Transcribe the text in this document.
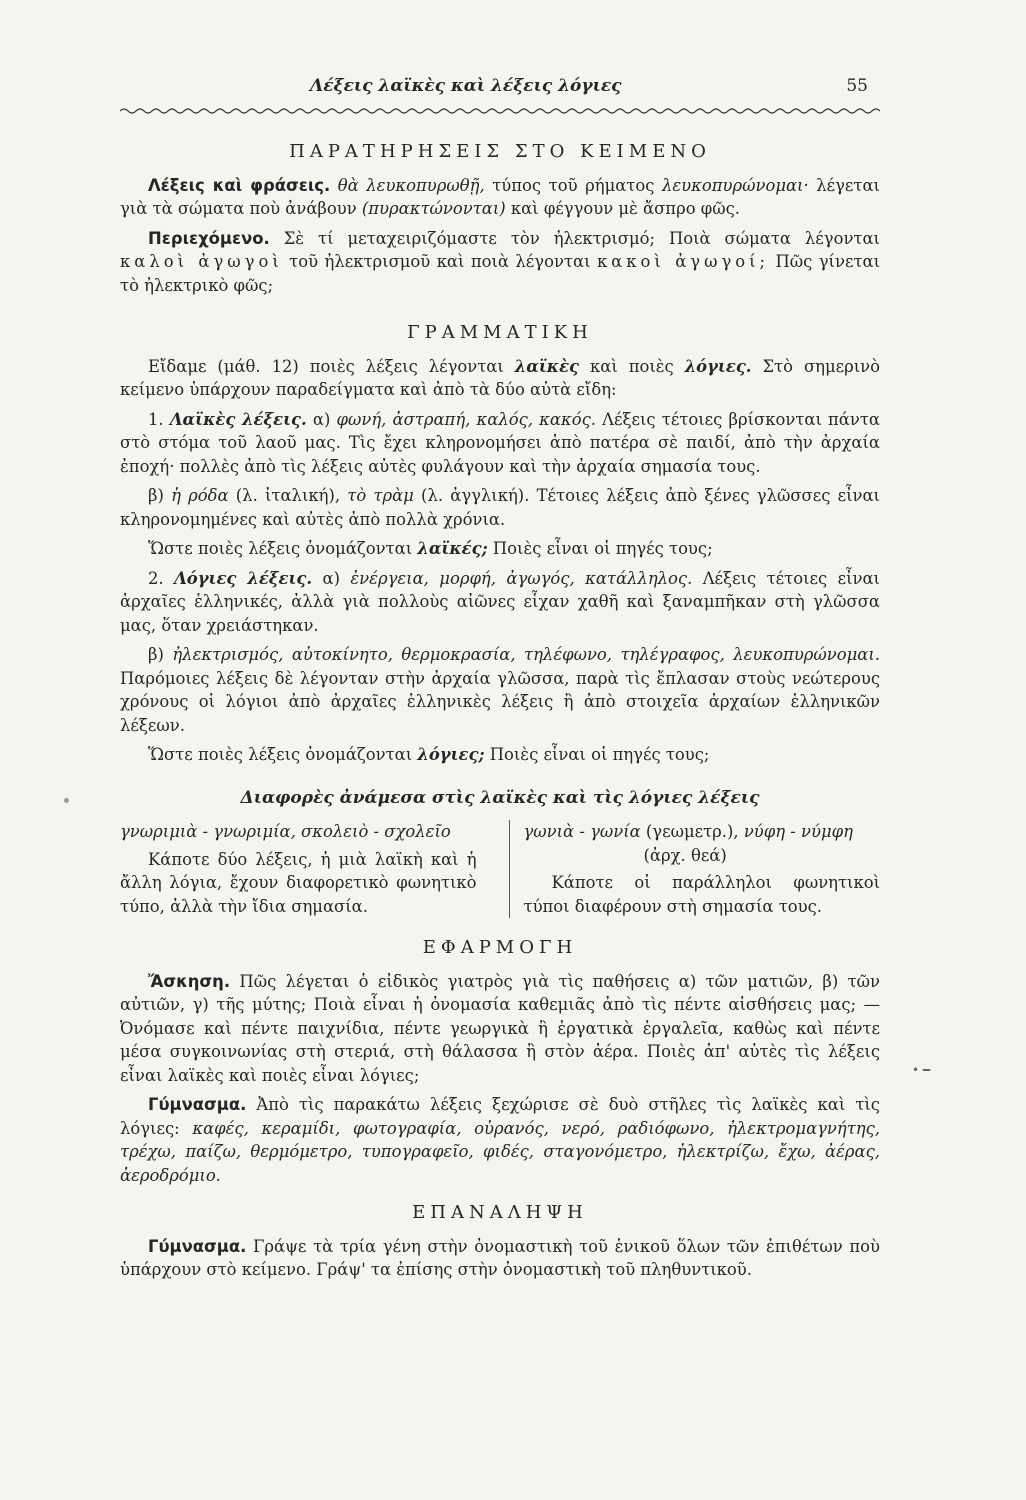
Λέξεις λαϊκὲς καὶ λέξεις λόγιες	55
ΠΑΡΑΤΗΡΗΣΕΙΣ ΣΤΟ ΚΕΙΜΕΝΟ

Λέξεις καὶ φράσεις. θὰ λευκοπυρωθῇ, τύπος τοῦ ρήματος λευκοπυρώνομαι· λέγεται γιὰ τὰ σώματα ποὺ ἀνάβουν (πυρακτώνονται) καὶ φέγγουν μὲ ἄσπρο φῶς.

Περιεχόμενο. Σὲ τί μεταχειριζόμαστε τὸν ἠλεκτρισμό; Ποιὰ σώματα λέγονται καλοὶ ἀγωγοὶ τοῦ ἠλεκτρισμοῦ καὶ ποιὰ λέγονται κακοὶ ἀγωγοί; Πῶς γίνεται τὸ ἠλεκτρικὸ φῶς;

ΓΡΑΜΜΑΤΙΚΗ

Εἴδαμε (μάθ. 12) ποιὲς λέξεις λέγονται λαϊκὲς καὶ ποιὲς λόγιες. Στὸ σημερινὸ κείμενο ὑπάρχουν παραδείγματα καὶ ἀπὸ τὰ δύο αὐτὰ εἴδη:

1. Λαϊκὲς λέξεις. α) φωνή, ἀστραπή, καλός, κακός. Λέξεις τέτοιες βρίσκονται πάντα στὸ στόμα τοῦ λαοῦ μας. Τὶς ἔχει κληρονομήσει ἀπὸ πατέρα σὲ παιδί, ἀπὸ τὴν ἀρχαία ἐποχή· πολλὲς ἀπὸ τὶς λέξεις αὐτὲς φυλάγουν καὶ τὴν ἀρχαία σημασία τους.

β) ἡ ρόδα (λ. ἰταλική), τὸ τρὰμ (λ. ἀγγλική). Τέτοιες λέξεις ἀπὸ ξένες γλῶσσες εἶναι κληρονομημένες καὶ αὐτὲς ἀπὸ πολλὰ χρόνια.

Ὥστε ποιὲς λέξεις ὀνομάζονται λαϊκές; Ποιὲς εἶναι οἱ πηγές τους;

2. Λόγιες λέξεις. α) ἐνέργεια, μορφή, ἀγωγός, κατάλληλος. Λέξεις τέτοιες εἶναι ἀρχαῖες ἑλληνικές, ἀλλὰ γιὰ πολλοὺς αἰῶνες εἶχαν χαθῆ καὶ ξαναμπῆκαν στὴ γλῶσσα μας, ὅταν χρειάστηκαν.

β) ἠλεκτρισμός, αὐτοκίνητο, θερμοκρασία, τηλέφωνο, τηλέγραφος, λευκοπυρώνομαι. Παρόμοιες λέξεις δὲ λέγονταν στὴν ἀρχαία γλῶσσα, παρὰ τὶς ἔπλασαν στοὺς νεώτερους χρόνους οἱ λόγιοι ἀπὸ ἀρχαῖες ἑλληνικὲς λέξεις ἢ ἀπὸ στοιχεῖα ἀρχαίων ἑλληνικῶν λέξεων.

Ὥστε ποιὲς λέξεις ὀνομάζονται λόγιες; Ποιὲς εἶναι οἱ πηγές τους;

Διαφορὲς ἀνάμεσα στὶς λαϊκὲς καὶ τὶς λόγιες λέξεις
γνωριμιὰ - γνωριμία, σκολειὸ - σχολεῖο
Κάποτε δύο λέξεις, ἡ μιὰ λαϊκὴ καὶ ἡ ἄλλη λόγια, ἔχουν διαφορετικὸ φωνητικὸ τύπο, ἀλλὰ τὴν ἴδια σημασία.
γωνιὰ - γωνία (γεωμετρ.), νύφη - νύμφη
(ἀρχ. θεά)
Κάποτε οἱ παράλληλοι φωνητικοὶ τύποι διαφέρουν στὴ σημασία τους.
ΕΦΑΡΜΟΓΗ

Ἄσκηση. Πῶς λέγεται ὁ εἰδικὸς γιατρὸς γιὰ τὶς παθήσεις α) τῶν ματιῶν, β) τῶν αὐτιῶν, γ) τῆς μύτης; Ποιὰ εἶναι ἡ ὀνομασία καθεμιᾶς ἀπὸ τὶς πέντε αἰσθήσεις μας; — Ὀνόμασε καὶ πέντε παιχνίδια, πέντε γεωργικὰ ἢ ἐργατικὰ ἐργαλεῖα, καθὼς καὶ πέντε μέσα συγκοινωνίας στὴ στεριά, στὴ θάλασσα ἢ στὸν ἀέρα. Ποιὲς ἀπ' αὐτὲς τὶς λέξεις εἶναι λαϊκὲς καὶ ποιὲς εἶναι λόγιες;

Γύμνασμα. Ἀπὸ τὶς παρακάτω λέξεις ξεχώρισε σὲ δυὸ στῆλες τὶς λαϊκὲς καὶ τὶς λόγιες: καφές, κεραμίδι, φωτογραφία, οὐρανός, νερό, ραδιόφωνο, ἠλεκτρομαγνήτης, τρέχω, παίζω, θερμόμετρο, τυπογραφεῖο, φιδές, σταγονόμετρο, ἠλεκτρίζω, ἔχω, ἀέρας, ἀεροδρόμιο.

ΕΠΑΝΑΛΗΨΗ

Γύμνασμα. Γράψε τὰ τρία γένη στὴν ὀνομαστικὴ τοῦ ἑνικοῦ ὅλων τῶν ἐπιθέτων ποὺ ὑπάρχουν στὸ κείμενο. Γράψ' τα ἐπίσης στὴν ὀνομαστικὴ τοῦ πληθυντικοῦ.

• ━
